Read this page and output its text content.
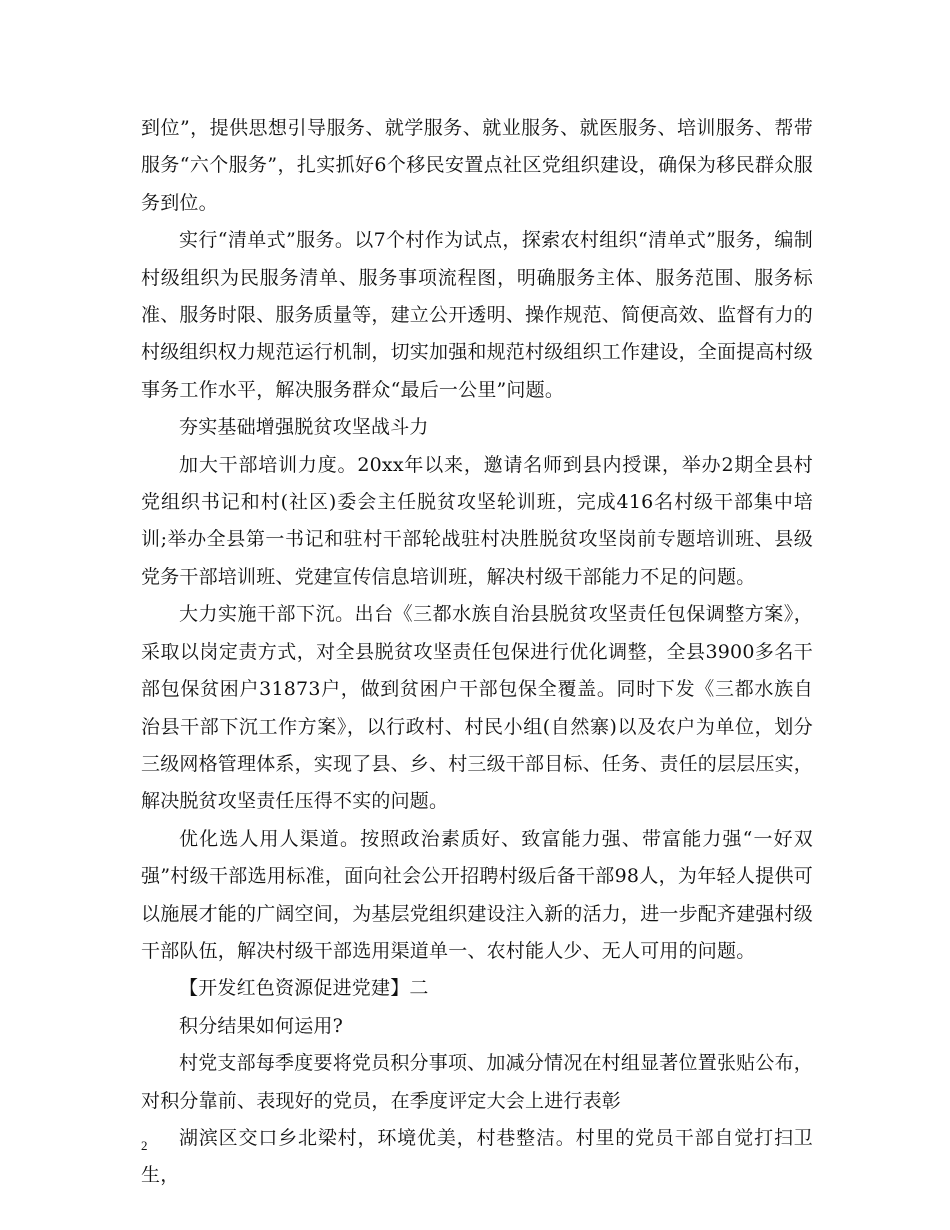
到位”，提供思想引导服务、就学服务、就业服务、就医服务、培训服务、帮带服务“六个服务”，扎实抓好6个移民安置点社区党组织建设，确保为移民群众服务到位。

实行“清单式”服务。以7个村作为试点，探索农村组织“清单式”服务，编制村级组织为民服务清单、服务事项流程图，明确服务主体、服务范围、服务标准、服务时限、服务质量等，建立公开透明、操作规范、简便高效、监督有力的村级组织权力规范运行机制，切实加强和规范村级组织工作建设，全面提高村级事务工作水平，解决服务群众“最后一公里”问题。

夯实基础增强脱贫攻坚战斗力

加大干部培训力度。20xx年以来，邀请名师到县内授课，举办2期全县村党组织书记和村(社区)委会主任脱贫攻坚轮训班，完成416名村级干部集中培训;举办全县第一书记和驻村干部轮战驻村决胜脱贫攻坚岗前专题培训班、县级党务干部培训班、党建宣传信息培训班，解决村级干部能力不足的问题。

大力实施干部下沉。出台《三都水族自治县脱贫攻坚责任包保调整方案》，采取以岗定责方式，对全县脱贫攻坚责任包保进行优化调整，全县3900多名干部包保贫困户31873户，做到贫困户干部包保全覆盖。同时下发《三都水族自治县干部下沉工作方案》，以行政村、村民小组(自然寨)以及农户为单位，划分三级网格管理体系，实现了县、乡、村三级干部目标、任务、责任的层层压实，解决脱贫攻坚责任压得不实的问题。

优化选人用人渠道。按照政治素质好、致富能力强、带富能力强“一好双强”村级干部选用标准，面向社会公开招聘村级后备干部98人，为年轻人提供可以施展才能的广阔空间，为基层党组织建设注入新的活力，进一步配齐建强村级干部队伍，解决村级干部选用渠道单一、农村能人少、无人可用的问题。

【开发红色资源促进党建】二

积分结果如何运用?

村党支部每季度要将党员积分事项、加减分情况在村组显著位置张贴公布，对积分靠前、表现好的党员，在季度评定大会上进行表彰

湖滨区交口乡北梁村，环境优美，村巷整洁。村里的党员干部自觉打扫卫生，

2
